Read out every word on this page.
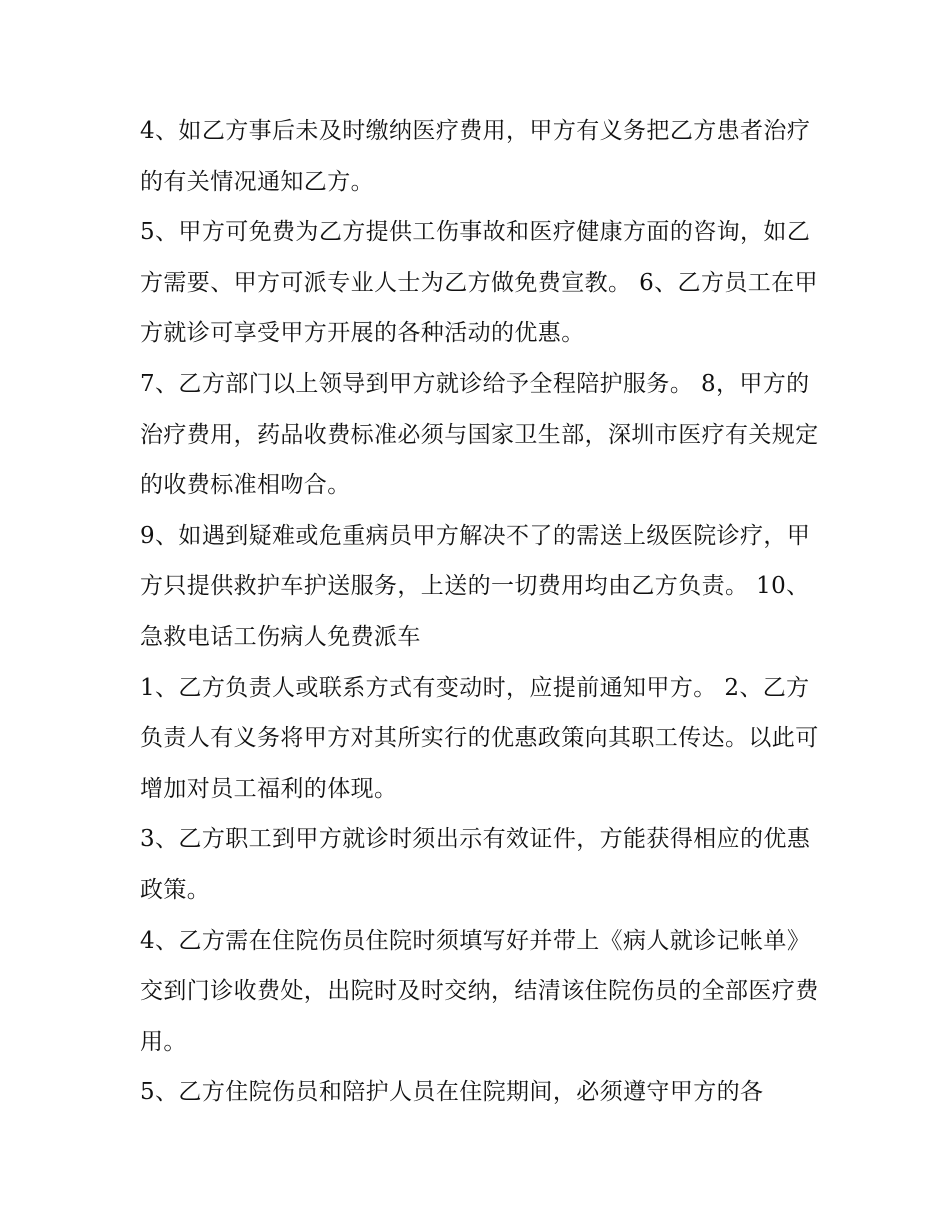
4、如乙方事后未及时缴纳医疗费用，甲方有义务把乙方患者治疗的有关情况通知乙方。

5、甲方可免费为乙方提供工伤事故和医疗健康方面的咨询，如乙方需要、甲方可派专业人士为乙方做免费宣教。 6、乙方员工在甲方就诊可享受甲方开展的各种活动的优惠。

7、乙方部门以上领导到甲方就诊给予全程陪护服务。 8，甲方的治疗费用，药品收费标准必须与国家卫生部，深圳市医疗有关规定的收费标准相吻合。

9、如遇到疑难或危重病员甲方解决不了的需送上级医院诊疗，甲方只提供救护车护送服务，上送的一切费用均由乙方负责。 10、急救电话工伤病人免费派车

1、乙方负责人或联系方式有变动时，应提前通知甲方。 2、乙方负责人有义务将甲方对其所实行的优惠政策向其职工传达。以此可增加对员工福利的体现。

3、乙方职工到甲方就诊时须出示有效证件，方能获得相应的优惠政策。

4、乙方需在住院伤员住院时须填写好并带上《病人就诊记帐单》交到门诊收费处，出院时及时交纳，结清该住院伤员的全部医疗费用。

5、乙方住院伤员和陪护人员在住院期间，必须遵守甲方的各
